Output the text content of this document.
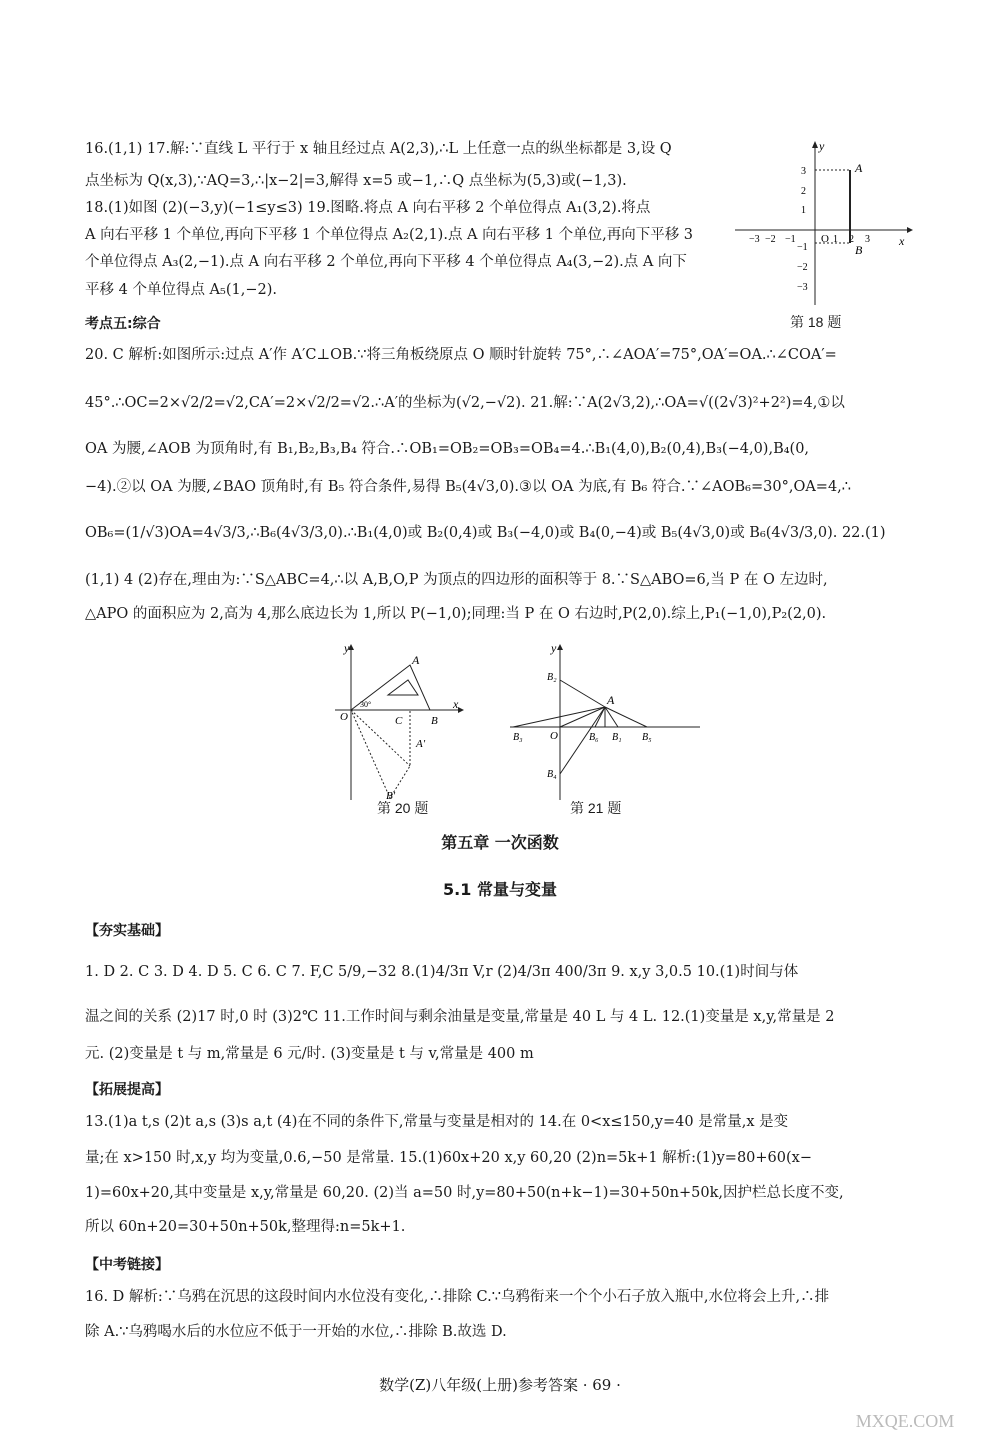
16.(1,1) 17.解:∵直线 L 平行于 x 轴且经过点 A(2,3),∴L 上任意一点的纵坐标都是 3,设 Q
点坐标为 Q(x,3),∵AQ=3,∴|x−2|=3,解得 x=5 或−1,∴Q 点坐标为(5,3)或(−1,3).
18.(1)如图 (2)(−3,y)(−1≤y≤3) 19.图略.将点 A 向右平移 2 个单位得点 A₁(3,2).将点
A 向右平移 1 个单位,再向下平移 1 个单位得点 A₂(2,1).点 A 向右平移 1 个单位,再向下平移 3
个单位得点 A₃(2,−1).点 A 向右平移 2 个单位,再向下平移 4 个单位得点 A₄(3,−2).点 A 向下
平移 4 个单位得点 A₅(1,−2).
x
y
O
−3 −2 −1	1 2 3
3
2
1
−1
−2
−3
A
B
第 18 题
考点五:综合
20. C 解析:如图所示:过点 A′作 A′C⊥OB.∵将三角板绕原点 O 顺时针旋转 75°,∴∠AOA′=75°,OA′=OA.∴∠COA′=
45°.∴OC=2×√2/2=√2,CA′=2×√2/2=√2.∴A′的坐标为(√2,−√2). 21.解:∵A(2√3,2),∴OA=√((2√3)²+2²)=4,①以
OA 为腰,∠AOB 为顶角时,有 B₁,B₂,B₃,B₄ 符合.∴OB₁=OB₂=OB₃=OB₄=4.∴B₁(4,0),B₂(0,4),B₃(−4,0),B₄(0,
−4).②以 OA 为腰,∠BAO 顶角时,有 B₅ 符合条件,易得 B₅(4√3,0).③以 OA 为底,有 B₆ 符合.∵∠AOB₆=30°,OA=4,∴
OB₆=(1/√3)OA=4√3/3,∴B₆(4√3/3,0).∴B₁(4,0)或 B₂(0,4)或 B₃(−4,0)或 B₄(0,−4)或 B₅(4√3,0)或 B₆(4√3/3,0). 22.(1)
(1,1) 4 (2)存在,理由为:∵S△ABC=4,∴以 A,B,O,P 为顶点的四边形的面积等于 8.∵S△ABO=6,当 P 在 O 左边时,
△APO 的面积应为 2,高为 4,那么底边长为 1,所以 P(−1,0);同理:当 P 在 O 右边时,P(2,0).综上,P₁(−1,0),P₂(2,0).
y
x
O
A
C	B
A′
B′
30°
第 20 题
y
O
A
B₂
B₃	B₆ B₁ B₅
B₄
第 21 题
第五章 一次函数
5.1 常量与变量
【夯实基础】
1. D 2. C 3. D 4. D 5. C 6. C 7. F,C 5/9,−32 8.(1)4/3π V,r (2)4/3π 400/3π 9. x,y 3,0.5 10.(1)时间与体
温之间的关系 (2)17 时,0 时 (3)2℃ 11.工作时间与剩余油量是变量,常量是 40 L 与 4 L. 12.(1)变量是 x,y,常量是 2
元. (2)变量是 t 与 m,常量是 6 元/时. (3)变量是 t 与 v,常量是 400 m
【拓展提高】
13.(1)a t,s (2)t a,s (3)s a,t (4)在不同的条件下,常量与变量是相对的 14.在 0<x≤150,y=40 是常量,x 是变
量;在 x>150 时,x,y 均为变量,0.6,−50 是常量. 15.(1)60x+20 x,y 60,20 (2)n=5k+1 解析:(1)y=80+60(x−
1)=60x+20,其中变量是 x,y,常量是 60,20. (2)当 a=50 时,y=80+50(n+k−1)=30+50n+50k,因护栏总长度不变,
所以 60n+20=30+50n+50k,整理得:n=5k+1.
【中考链接】
16. D 解析:∵乌鸦在沉思的这段时间内水位没有变化,∴排除 C.∵乌鸦衔来一个个小石子放入瓶中,水位将会上升,∴排
除 A.∵乌鸦喝水后的水位应不低于一开始的水位,∴排除 B.故选 D.
数学(Z)八年级(上册)参考答案 · 69 ·
MXQE.COM
